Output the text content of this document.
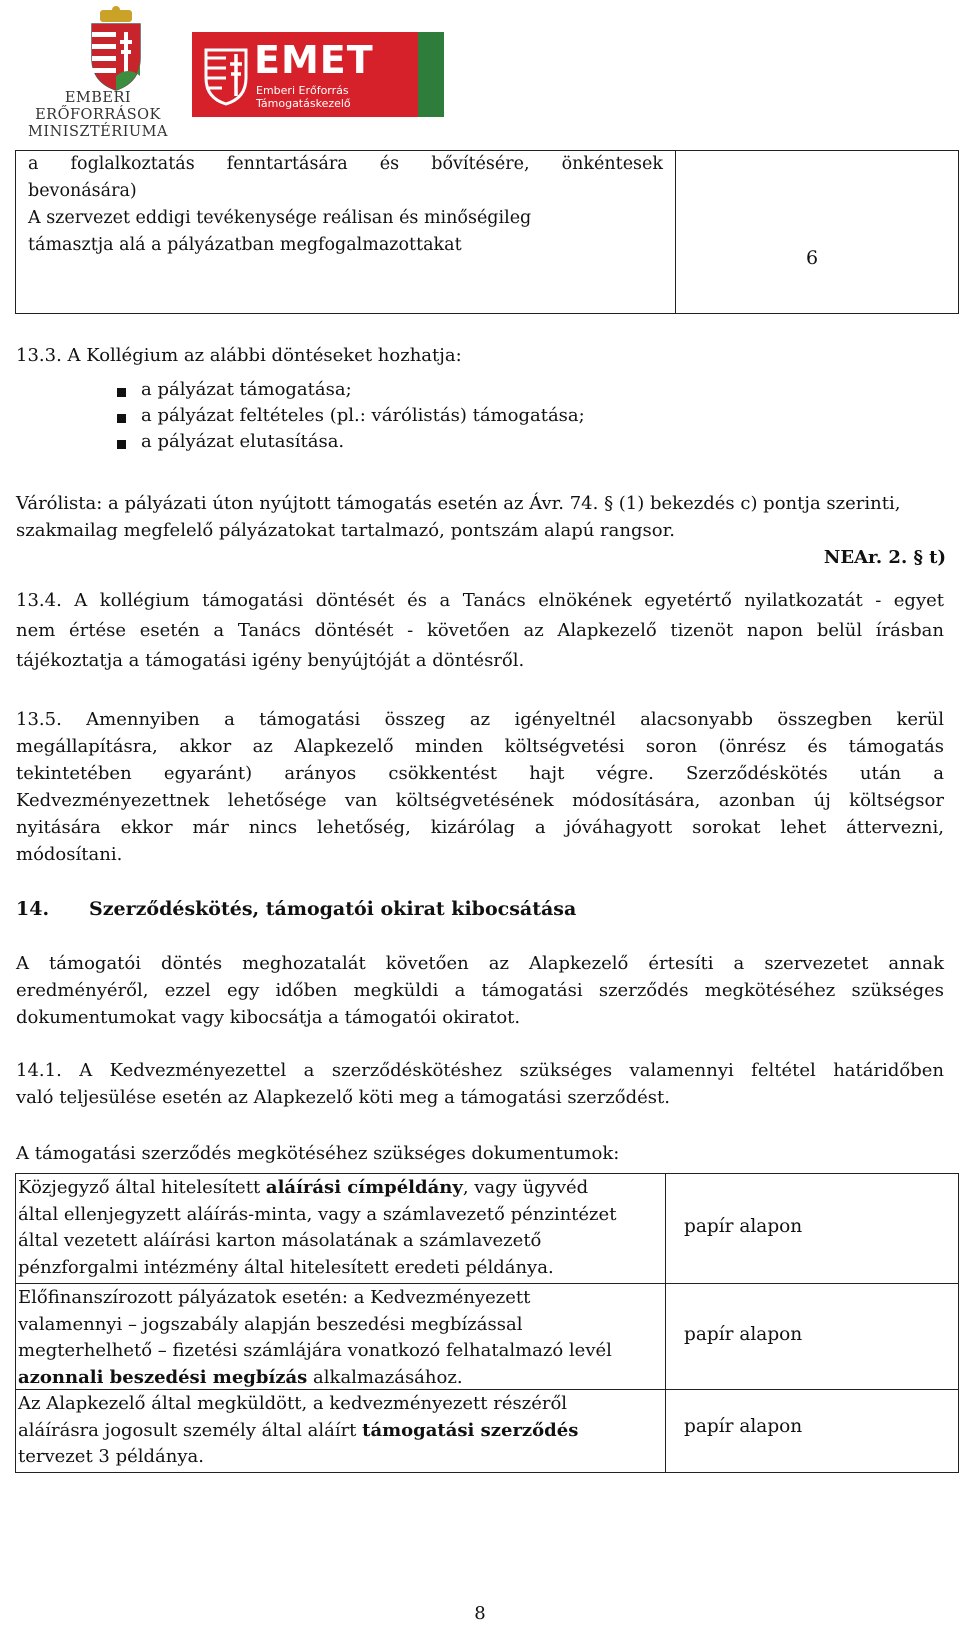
EMBERI ERŐFORRÁSOK
MINISZTÉRIUMA
EMET
Emberi Erőforrás
Támogatáskezelő

a foglalkoztatás fenntartására és bővítésére, önkéntesek

bevonására)

A szervezet eddigi tevékenysége reálisan és minőségileg

támasztja alá a pályázatban megfogalmazottakat

6
13.3. A Kollégium az alábbi döntéseket hozhatja:
a pályázat támogatása;
a pályázat feltételes (pl.: várólistás) támogatása;
a pályázat elutasítása.
Várólista: a pályázati úton nyújtott támogatás esetén az Ávr. 74. § (1) bekezdés c) pontja szerinti,
szakmailag megfelelő pályázatokat tartalmazó, pontszám alapú rangsor.
NEAr. 2. § t)

13.4. A kollégium támogatási döntését és a Tanács elnökének egyetértő nyilatkozatát - egyet

nem értése esetén a Tanács döntését - követően az Alapkezelő tizenöt napon belül írásban

tájékoztatja a támogatási igény benyújtóját a döntésről.

13.5. Amennyiben a támogatási összeg az igényeltnél alacsonyabb összegben kerül

megállapításra, akkor az Alapkezelő minden költségvetési soron (önrész és támogatás

tekintetében egyaránt) arányos csökkentést hajt végre. Szerződéskötés után a

Kedvezményezettnek lehetősége van költségvetésének módosítására, azonban új költségsor

nyitására ekkor már nincs lehetőség, kizárólag a jóváhagyott sorokat lehet áttervezni,

módosítani.

14. Szerződéskötés, támogatói okirat kibocsátása

A támogatói döntés meghozatalát követően az Alapkezelő értesíti a szervezetet annak

eredményéről, ezzel egy időben megküldi a támogatási szerződés megkötéséhez szükséges

dokumentumokat vagy kibocsátja a támogatói okiratot.

14.1. A Kedvezményezettel a szerződéskötéshez szükséges valamennyi feltétel határidőben

való teljesülése esetén az Alapkezelő köti meg a támogatási szerződést.

A támogatási szerződés megkötéséhez szükséges dokumentumok:
Közjegyző által hitelesített aláírási címpéldány, vagy ügyvéd
által ellenjegyzett aláírás-minta, vagy a számlavezető pénzintézet
által vezetett aláírási karton másolatának a számlavezető
pénzforgalmi intézmény által hitelesített eredeti példánya.
papír alapon
Előfinanszírozott pályázatok esetén: a Kedvezményezett
valamennyi – jogszabály alapján beszedési megbízással
megterhelhető – fizetési számlájára vonatkozó felhatalmazó levél
azonnali beszedési megbízás alkalmazásához.
papír alapon
Az Alapkezelő által megküldött, a kedvezményezett részéről
aláírásra jogosult személy által aláírt támogatási szerződés
tervezet 3 példánya.
papír alapon
8
